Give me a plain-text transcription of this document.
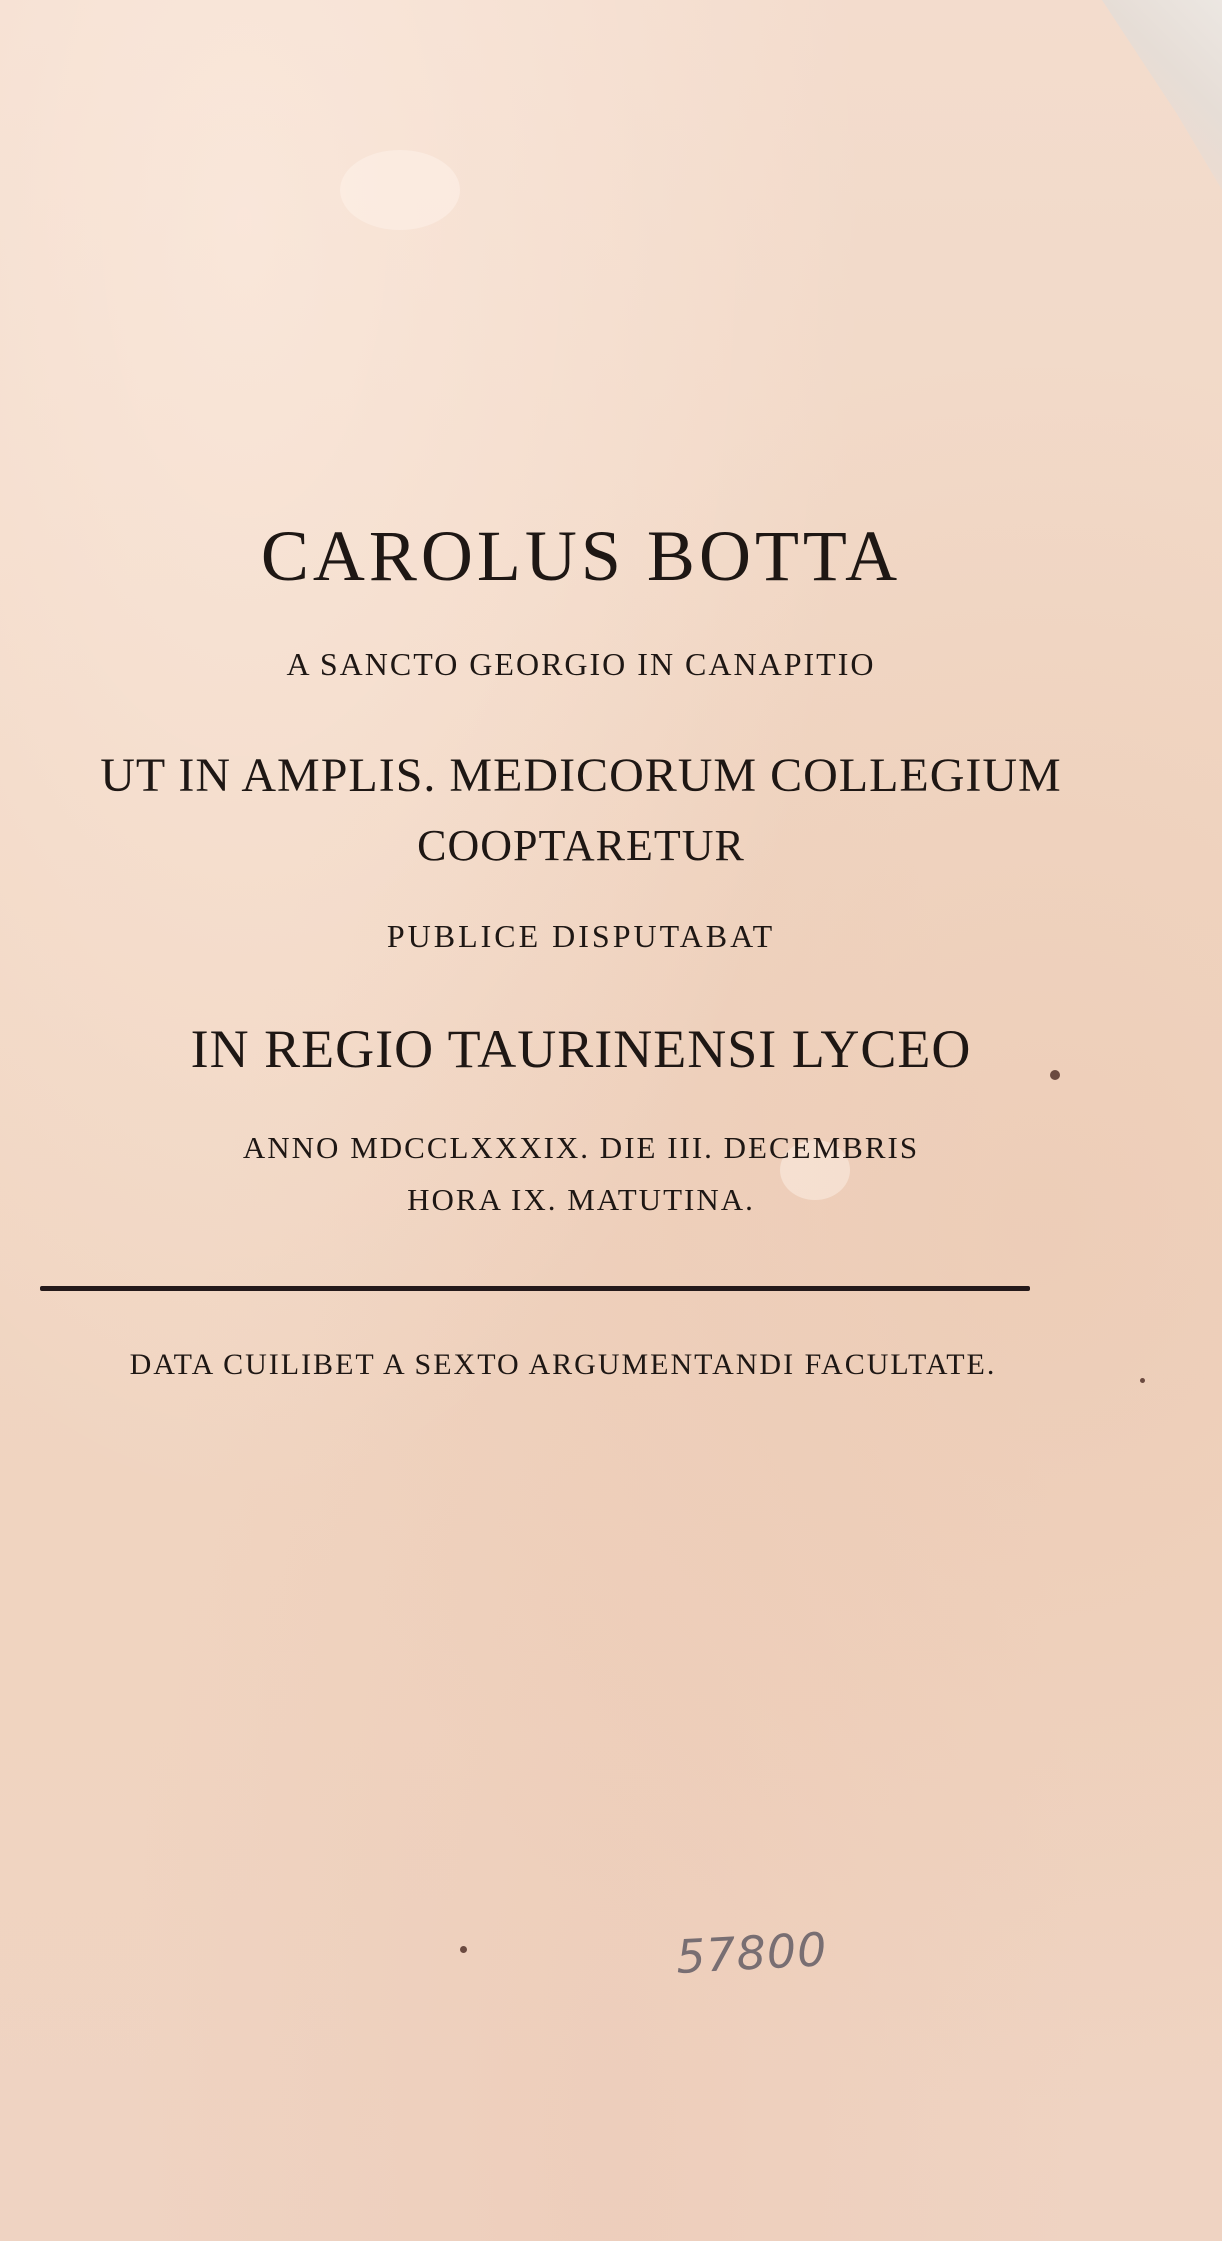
CAROLUS BOTTA
A SANCTO GEORGIO IN CANAPITIO
UT IN AMPLIS. MEDICORUM COLLEGIUM
COOPTARETUR
PUBLICE DISPUTABAT
IN REGIO TAURINENSI LYCEO
ANNO MDCCLXXXIX. DIE III. DECEMBRIS
HORA IX. MATUTINA.
DATA CUILIBET A SEXTO ARGUMENTANDI FACULTATE.
57800
